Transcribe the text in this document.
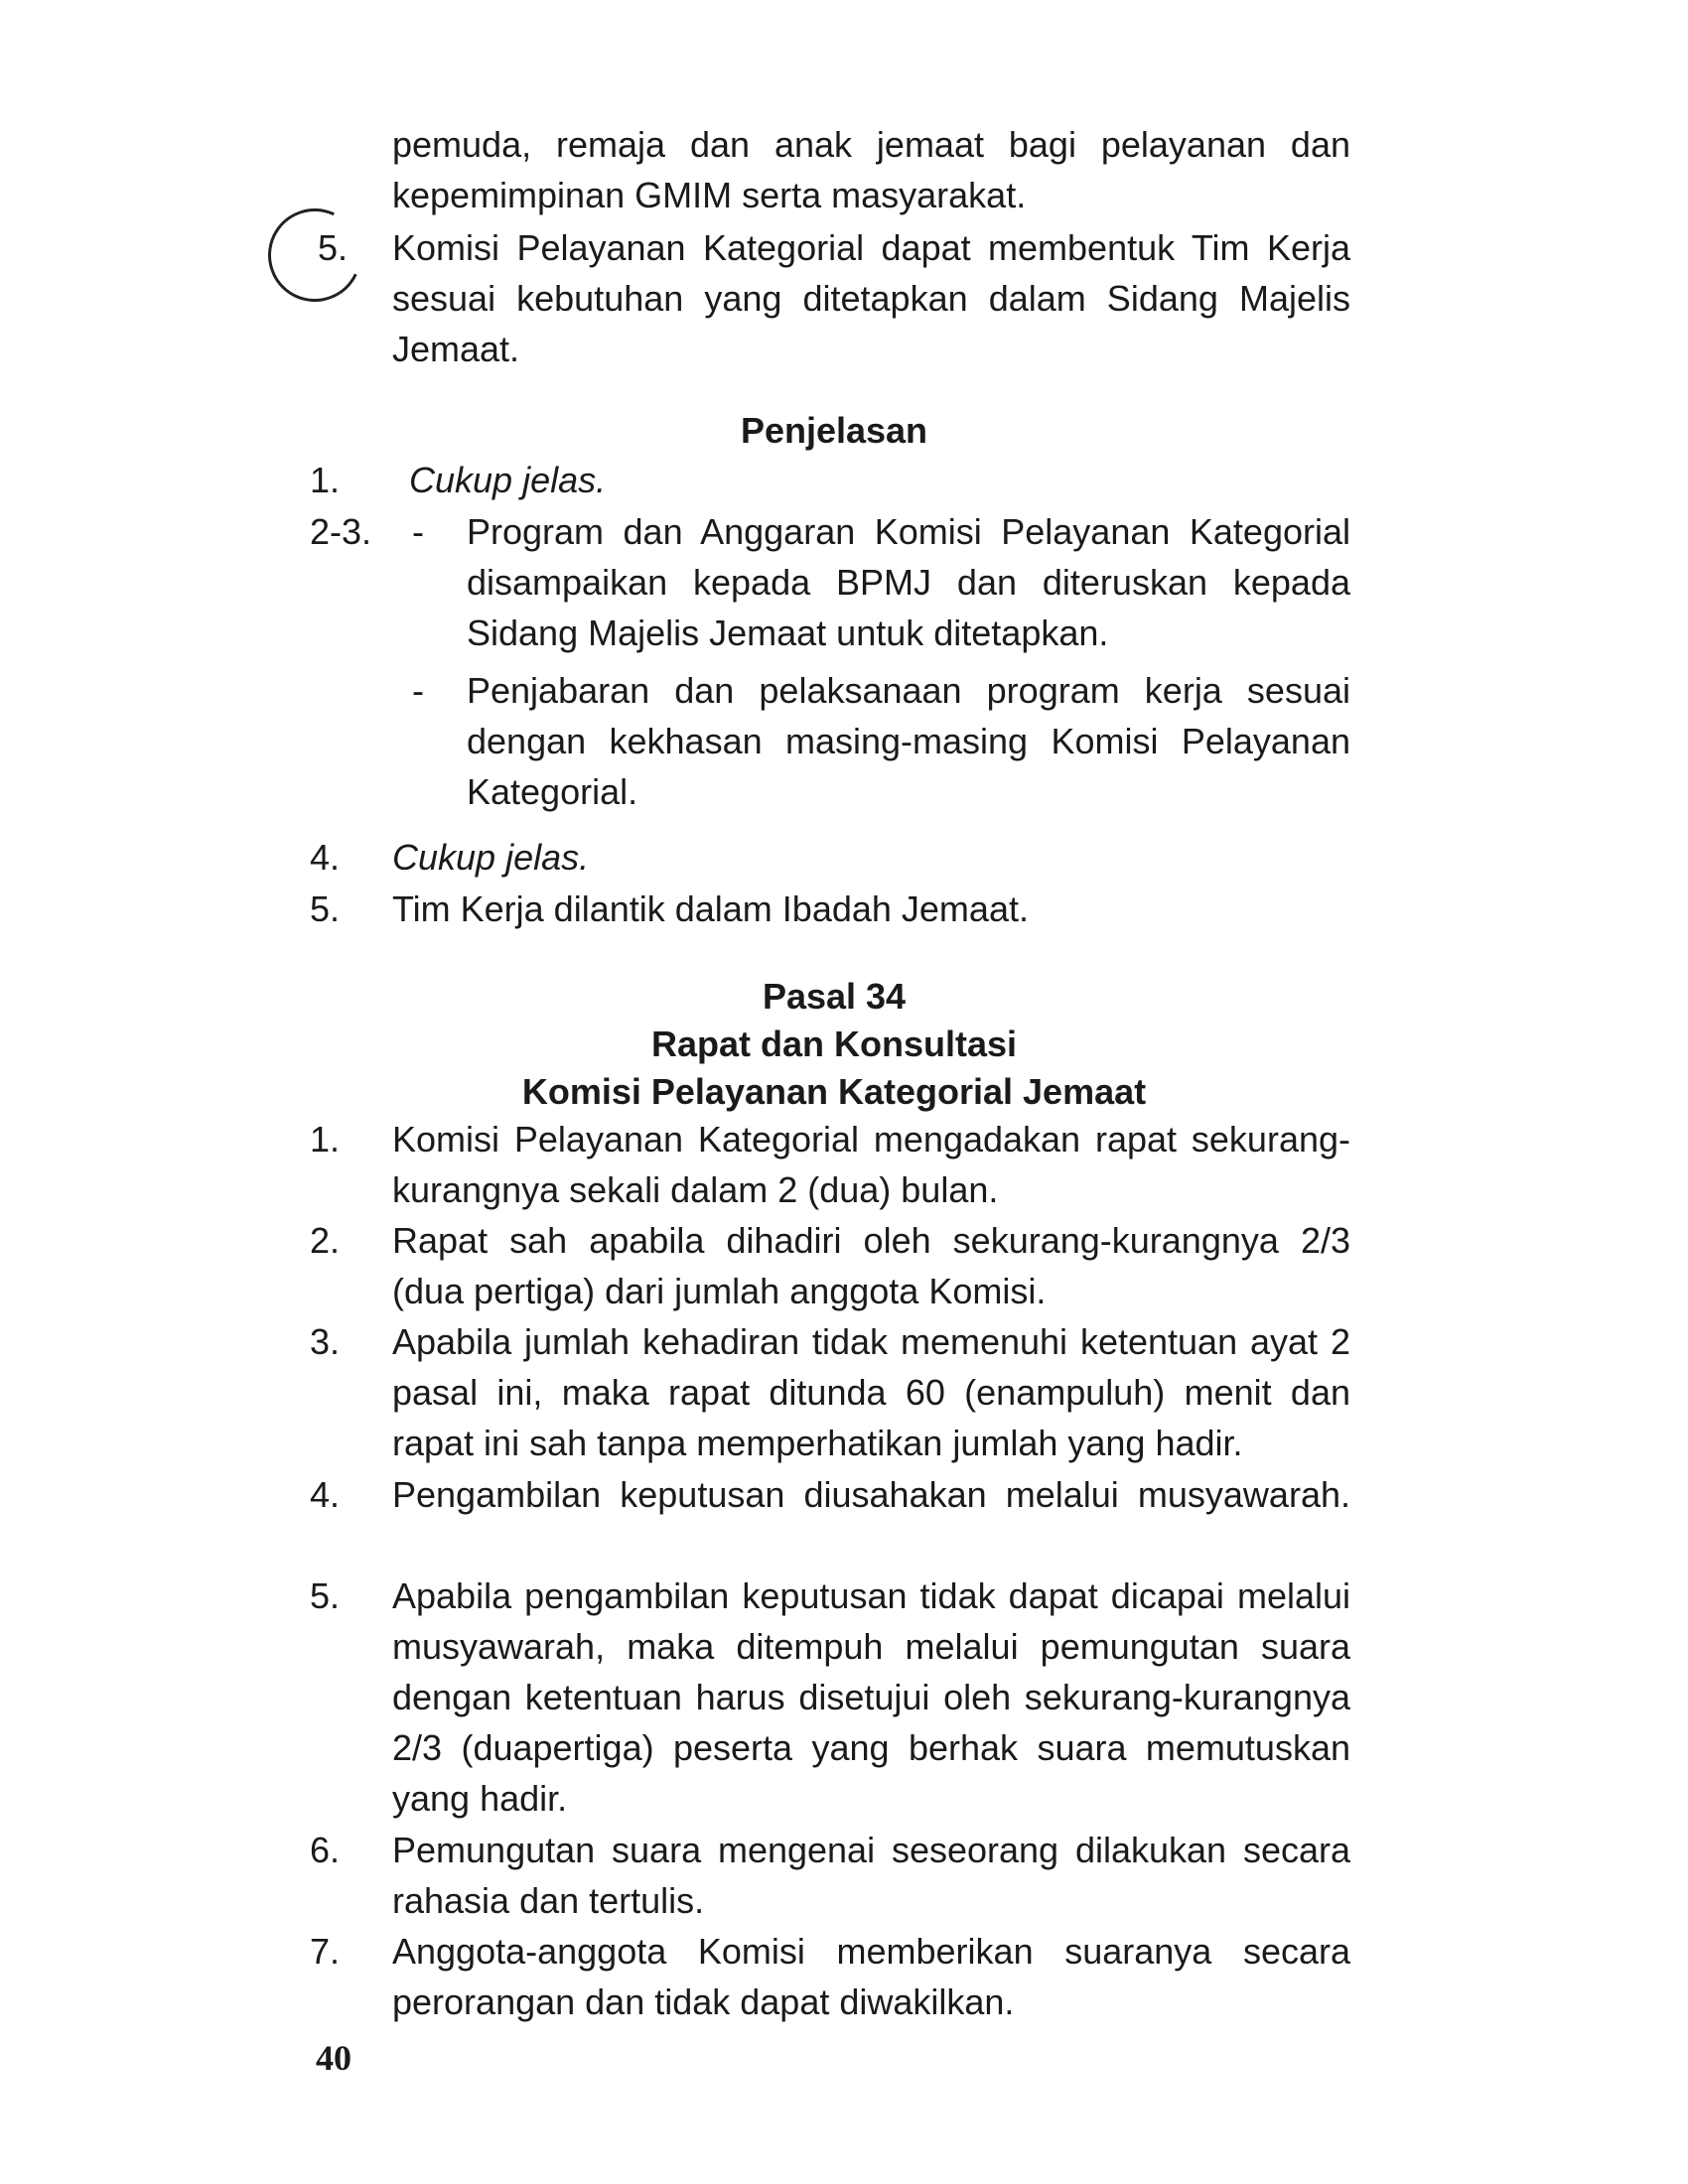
pemuda, remaja dan anak jemaat bagi pelayanan dan kepemimpinan GMIM serta masyarakat.
5.	Komisi Pelayanan Kategorial dapat membentuk Tim Kerja sesuai kebutuhan yang ditetapkan dalam Sidang Majelis Jemaat.
Penjelasan
1.	Cukup jelas.
2-3.	-	Program dan Anggaran Komisi Pelayanan Kategorial disampaikan kepada BPMJ dan diteruskan kepada Sidang Majelis Jemaat untuk ditetapkan.
-	Penjabaran dan pelaksanaan program kerja sesuai dengan kekhasan masing-masing Komisi Pelayanan Kategorial.
4.	Cukup jelas.
5.	Tim Kerja dilantik dalam Ibadah Jemaat.
Pasal 34
Rapat dan Konsultasi
Komisi Pelayanan Kategorial Jemaat
1.	Komisi Pelayanan Kategorial mengadakan rapat sekurang-kurangnya sekali dalam 2 (dua) bulan.
2.	Rapat sah apabila dihadiri oleh sekurang-kurangnya 2/3 (dua pertiga) dari jumlah anggota Komisi.
3.	Apabila jumlah kehadiran tidak memenuhi ketentuan ayat 2 pasal ini, maka rapat ditunda 60 (enampuluh) menit dan rapat ini sah tanpa memperhatikan jumlah yang hadir.
4.	Pengambilan keputusan diusahakan melalui musyawarah.
5.	Apabila pengambilan keputusan tidak dapat dicapai melalui musyawarah, maka ditempuh melalui pemungutan suara dengan ketentuan harus disetujui oleh sekurang-kurangnya 2/3 (duapertiga) peserta yang berhak suara memutuskan yang hadir.
6.	Pemungutan suara mengenai seseorang dilakukan secara rahasia dan tertulis.
7.	Anggota-anggota Komisi memberikan suaranya secara perorangan dan tidak dapat diwakilkan.
40
